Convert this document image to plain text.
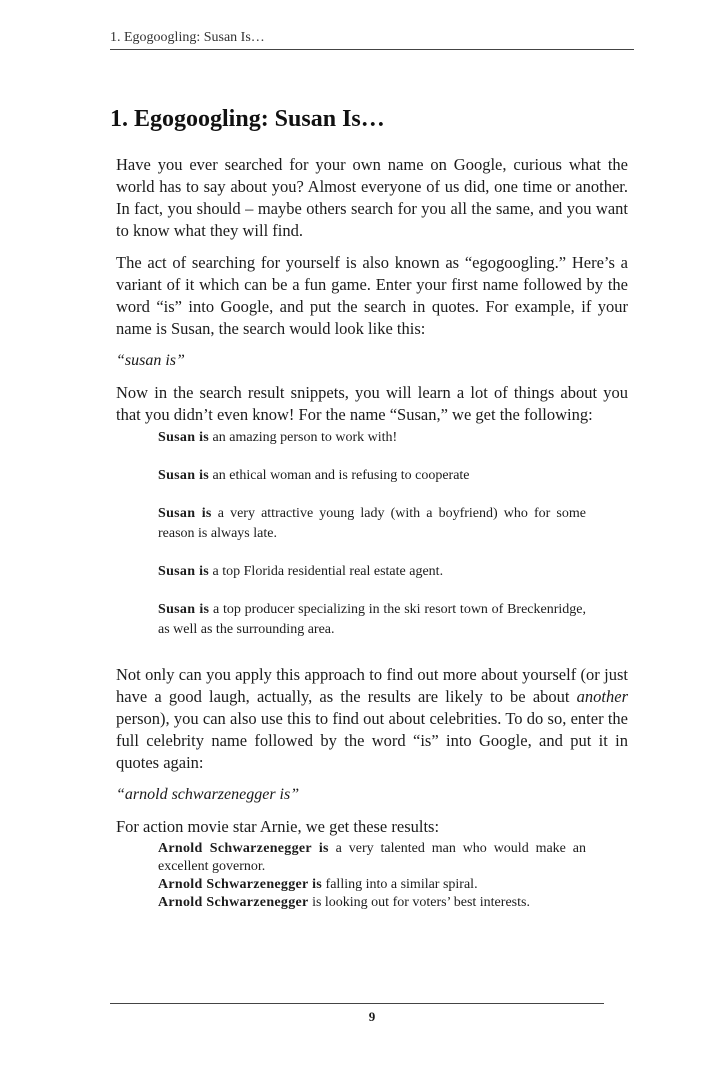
1. Egogoogling: Susan Is…
1. Egogoogling: Susan Is…

Have you ever searched for your own name on Google, curious what the world has to say about you? Almost everyone of us did, one time or another. In fact, you should – maybe others search for you all the same, and you want to know what they will find.

The act of searching for yourself is also known as “egogoogling.” Here’s a variant of it which can be a fun game. Enter your first name followed by the word “is” into Google, and put the search in quotes. For example, if your name is Susan, the search would look like this:

“susan is”

Now in the search result snippets, you will learn a lot of things about you that you didn’t even know! For the name “Susan,” we get the following:

Susan is an amazing person to work with!

Susan is an ethical woman and is refusing to cooperate

Susan is a very attractive young lady (with a boyfriend) who for some reason is always late.

Susan is a top Florida residential real estate agent.

Susan is a top producer specializing in the ski resort town of Breckenridge, as well as the surrounding area.

Not only can you apply this approach to find out more about yourself (or just have a good laugh, actually, as the results are likely to be about another person), you can also use this to find out about celebrities. To do so, enter the full celebrity name followed by the word “is” into Google, and put it in quotes again:

“arnold schwarzenegger is”

For action movie star Arnie, we get these results:

Arnold Schwarzenegger is a very talented man who would make an excellent governor.

Arnold Schwarzenegger is falling into a similar spiral.

Arnold Schwarzenegger is looking out for voters’ best interests.

9
